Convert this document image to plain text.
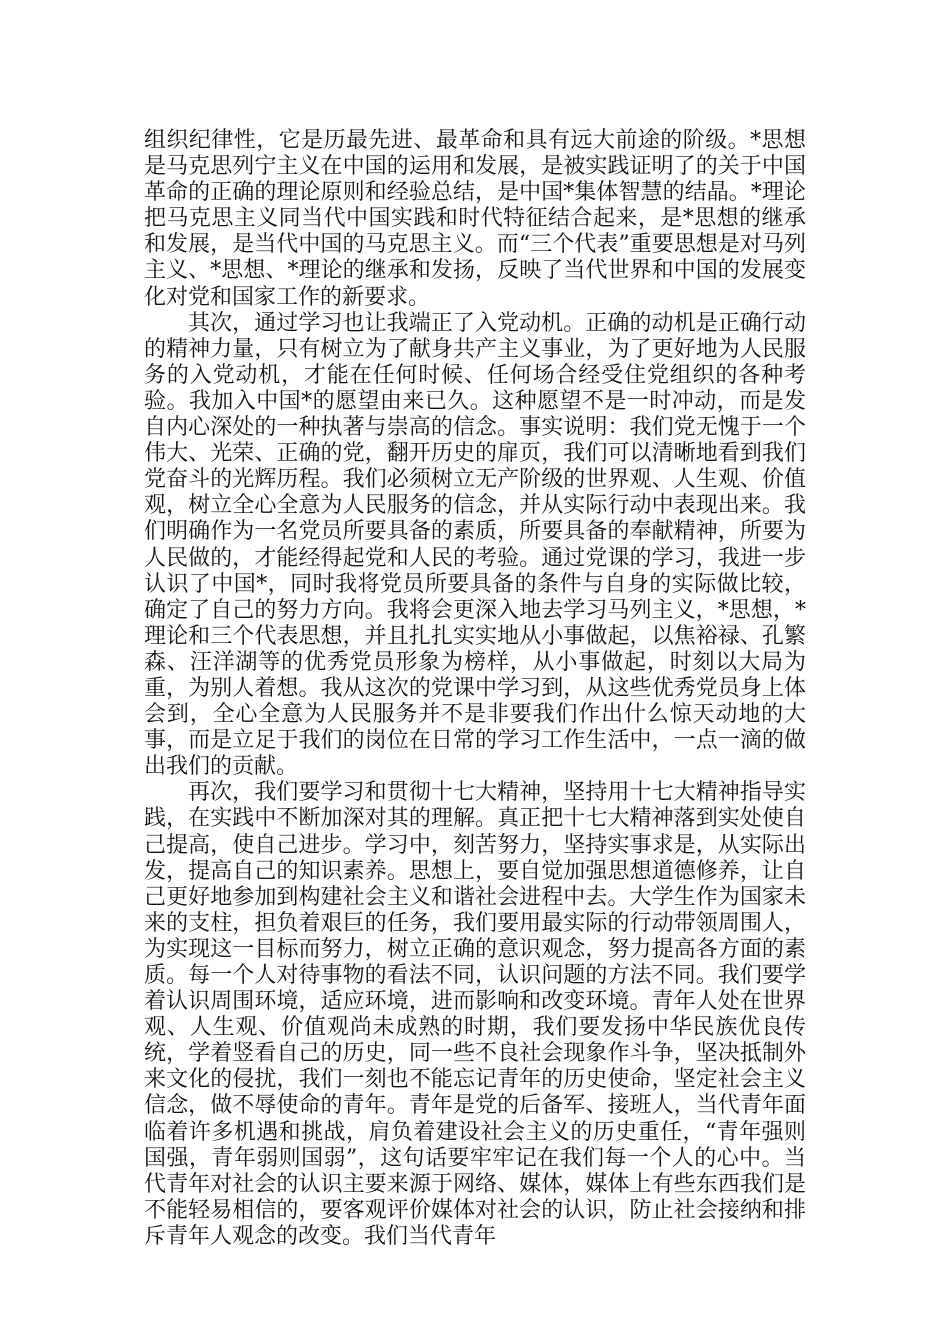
组织纪律性，它是历最先进、最革命和具有远大前途的阶级。*思想是马克思列宁主义在中国的运用和发展，是被实践证明了的关于中国革命的正确的理论原则和经验总结，是中国*集体智慧的结晶。*理论把马克思主义同当代中国实践和时代特征结合起来，是*思想的继承和发展，是当代中国的马克思主义。而“三个代表”重要思想是对马列主义、*思想、*理论的继承和发扬，反映了当代世界和中国的发展变化对党和国家工作的新要求。

其次，通过学习也让我端正了入党动机。正确的动机是正确行动的精神力量，只有树立为了献身共产主义事业，为了更好地为人民服务的入党动机，才能在任何时候、任何场合经受住党组织的各种考验。我加入中国*的愿望由来已久。这种愿望不是一时冲动，而是发自内心深处的一种执著与崇高的信念。事实说明：我们党无愧于一个伟大、光荣、正确的党，翻开历史的扉页，我们可以清晰地看到我们党奋斗的光辉历程。我们必须树立无产阶级的世界观、人生观、价值观，树立全心全意为人民服务的信念，并从实际行动中表现出来。我们明确作为一名党员所要具备的素质，所要具备的奉献精神，所要为人民做的，才能经得起党和人民的考验。通过党课的学习，我进一步认识了中国*，同时我将党员所要具备的条件与自身的实际做比较，确定了自己的努力方向。我将会更深入地去学习马列主义，*思想，*理论和三个代表思想，并且扎扎实实地从小事做起，以焦裕禄、孔繁森、汪洋湖等的优秀党员形象为榜样，从小事做起，时刻以大局为重，为别人着想。我从这次的党课中学习到，从这些优秀党员身上体会到，全心全意为人民服务并不是非要我们作出什么惊天动地的大事，而是立足于我们的岗位在日常的学习工作生活中，一点一滴的做出我们的贡献。

再次，我们要学习和贯彻十七大精神，坚持用十七大精神指导实践，在实践中不断加深对其的理解。真正把十七大精神落到实处使自己提高，使自己进步。学习中，刻苦努力，坚持实事求是，从实际出发，提高自己的知识素养。思想上，要自觉加强思想道德修养，让自己更好地参加到构建社会主义和谐社会进程中去。大学生作为国家未来的支柱，担负着艰巨的任务，我们要用最实际的行动带领周围人，为实现这一目标而努力，树立正确的意识观念，努力提高各方面的素质。每一个人对待事物的看法不同，认识问题的方法不同。我们要学着认识周围环境，适应环境，进而影响和改变环境。青年人处在世界观、人生观、价值观尚未成熟的时期，我们要发扬中华民族优良传统，学着竖看自己的历史，同一些不良社会现象作斗争，坚决抵制外来文化的侵扰，我们一刻也不能忘记青年的历史使命，坚定社会主义信念，做不辱使命的青年。青年是党的后备军、接班人，当代青年面临着许多机遇和挑战，肩负着建设社会主义的历史重任，“青年强则国强，青年弱则国弱”，这句话要牢牢记在我们每一个人的心中。当代青年对社会的认识主要来源于网络、媒体，媒体上有些东西我们是不能轻易相信的，要客观评价媒体对社会的认识，防止社会接纳和排斥青年人观念的改变。我们当代青年
